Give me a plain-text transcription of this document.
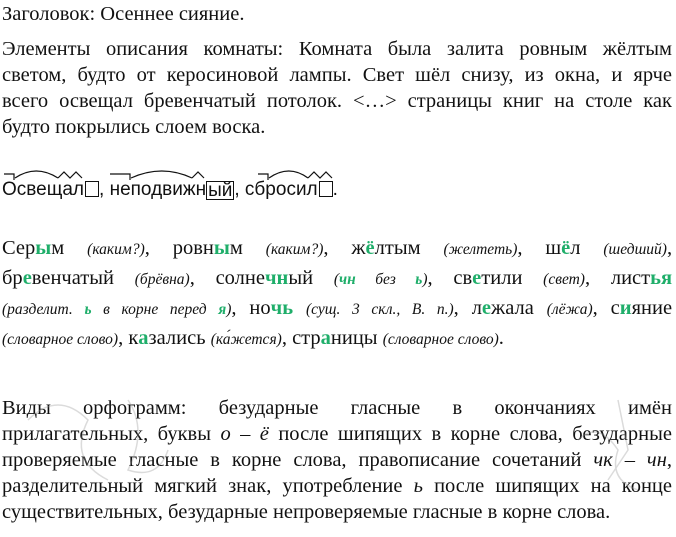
Заголовок: Осеннее сияние.
Элементы описания комнаты: Комната была залита ровным жёлтым
светом, будто от керосиновой лампы. Свет шёл снизу, из окна, и ярче
всего освещал бревенчатый потолок. <…> страницы книг на столе как
будто покрылись слоем воска.
Освещал , неподвижн ый , сбросил .
Серым (каким?), ровным (каким?), жёлтым (желтеть), шёл (шедший),
бревенчатый (брёвна), солнечный (чн без ь), светили (свет), листья
(разделит. ь в корне перед я), ночь (сущ. 3 скл., В. п.), лежала (лёжа), сияние
(словарное слово), казались (ка́жется), страницы (словарное слово).
Виды орфограмм: безударные гласные в окончаниях имён
прилагательных, буквы о – ё после шипящих в корне слова, безударные
проверяемые гласные в корне слова, правописание сочетаний чк – чн,
разделительный мягкий знак, употребление ь после шипящих на конце
существительных, безударные непроверяемые гласные в корне слова.
